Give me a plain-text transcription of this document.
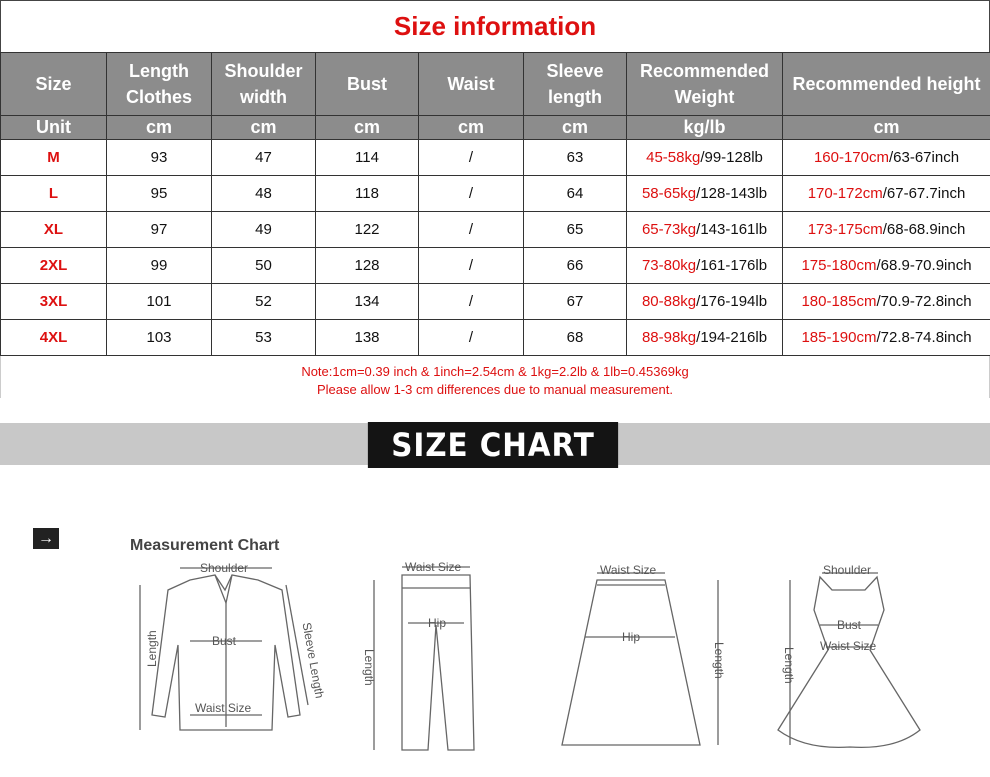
Size information
Size	Length Clothes	Shoulder width	Bust	Waist	Sleeve length	Recommended Weight	Recommended height
Unit	cm	cm	cm	cm	cm	kg/lb	cm
M	93	47	114	/	63	45-58kg/99-128lb	160-170cm/63-67inch
L	95	48	118	/	64	58-65kg/128-143lb	170-172cm/67-67.7inch
XL	97	49	122	/	65	65-73kg/143-161lb	173-175cm/68-68.9inch
2XL	99	50	128	/	66	73-80kg/161-176lb	175-180cm/68.9-70.9inch
3XL	101	52	134	/	67	80-88kg/176-194lb	180-185cm/70.9-72.8inch
4XL	103	53	138	/	68	88-98kg/194-216lb	185-190cm/72.8-74.8inch
Note:1cm=0.39 inch & 1inch=2.54cm & 1kg=2.2lb & 1lb=0.45369kg
Please allow 1-3 cm differences due to manual measurement.
SIZE CHART
→	Measurement Chart
Shoulder
Bust
Waist Size
Length	Sleeve Length
Waist Size
Hip
Length
Waist Size
Hip
Length
Shoulder
Bust
Waist Size
Length
